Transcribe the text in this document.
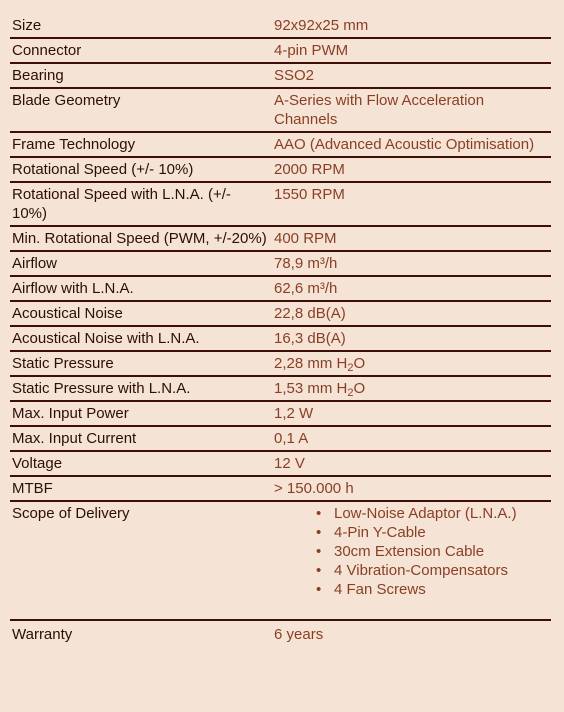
Size	92x92x25 mm
Connector	4-pin PWM
Bearing	SSO2
Blade Geometry	A-Series with Flow Acceleration Channels
Frame Technology	AAO (Advanced Acoustic Optimisation)
Rotational Speed (+/- 10%)	2000 RPM
Rotational Speed with L.N.A. (+/- 10%)
1550 RPM
Min. Rotational Speed (PWM, +/-20%) 400 RPM
Airflow	78,9 m³/h
Airflow with L.N.A.	62,6 m³/h
Acoustical Noise	22,8 dB(A)
Acoustical Noise with L.N.A.	16,3 dB(A)
Static Pressure	2,28 mm $H_2O$
Static Pressure with L.N.A.	1,53 mm $H_2O$
Max. Input Power	1,2 W
Max. Input Current	0,1 A
Voltage	12 V
MTBF	> 150.000 h
Scope of Delivery
•	Low-Noise Adaptor (L.N.A.)
• 4-Pin Y-Cable
• 30cm Extension Cable
• 4 Vibration-Compensators
• 4 Fan Screws
Warranty	6 years
